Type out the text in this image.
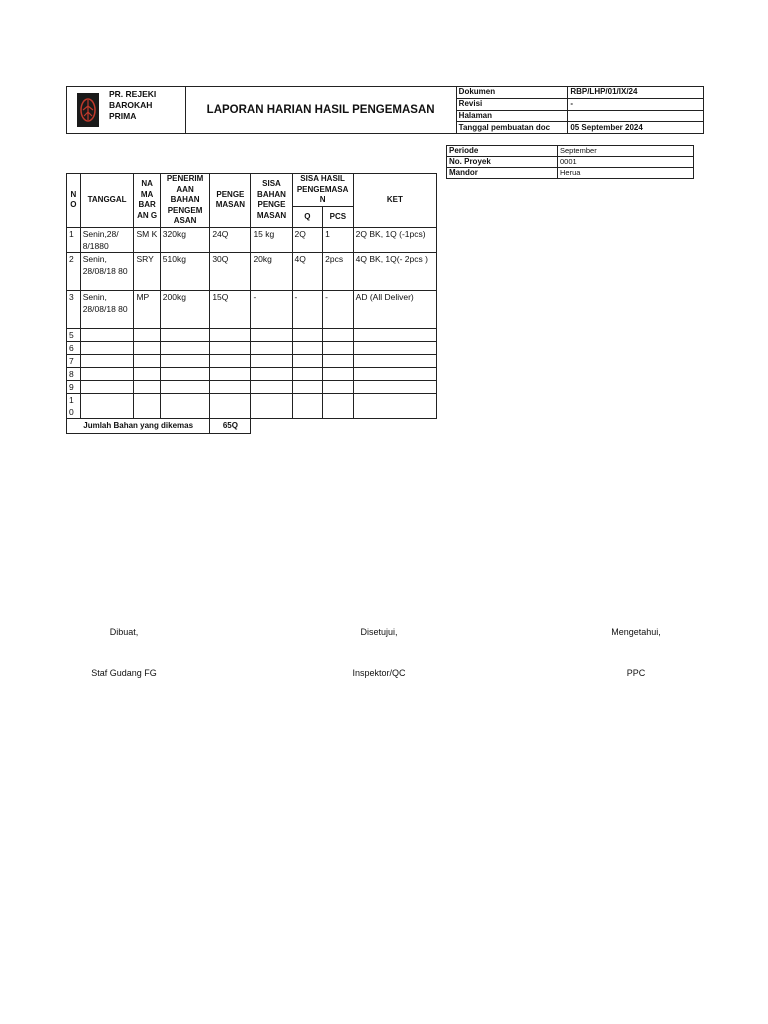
PR. REJEKI
BAROKAH
PRIMA	LAPORAN HARIAN HASIL PENGEMASAN	Dokumen	RBP/LHP/01/IX/24
		Revisi	-
		Halaman	
		Tanggal pembuatan doc	05 September 2024
Periode	September
No. Proyek	0001
Mandor	Herua
N O	TANGGAL	NA MA BAR AN G	PENERIM AAN BAHAN PENGEM ASAN	PENGE MASAN	SISA BAHAN PENGE MASAN	SISA HASIL PENGEMASA N		KET
						Q	PCS	
1	Senin,28/ 8/1880	SM K	320kg	24Q	15 kg	2Q	1	2Q BK, 1Q (-1pcs)
2	Senin, 28/08/18 80	SRY	510kg	30Q	20kg	4Q	2pcs	4Q BK, 1Q(- 2pcs )
3	Senin, 28/08/18 80	MP	200kg	15Q	-	-	-	AD (All Deliver)
5								
6								
7								
8								
9								
1 0								
Jumlah Bahan yang dikemas				65Q				
Dibuat,
Staf Gudang FG
Disetujui,
Inspektor/QC
Mengetahui,
PPC
